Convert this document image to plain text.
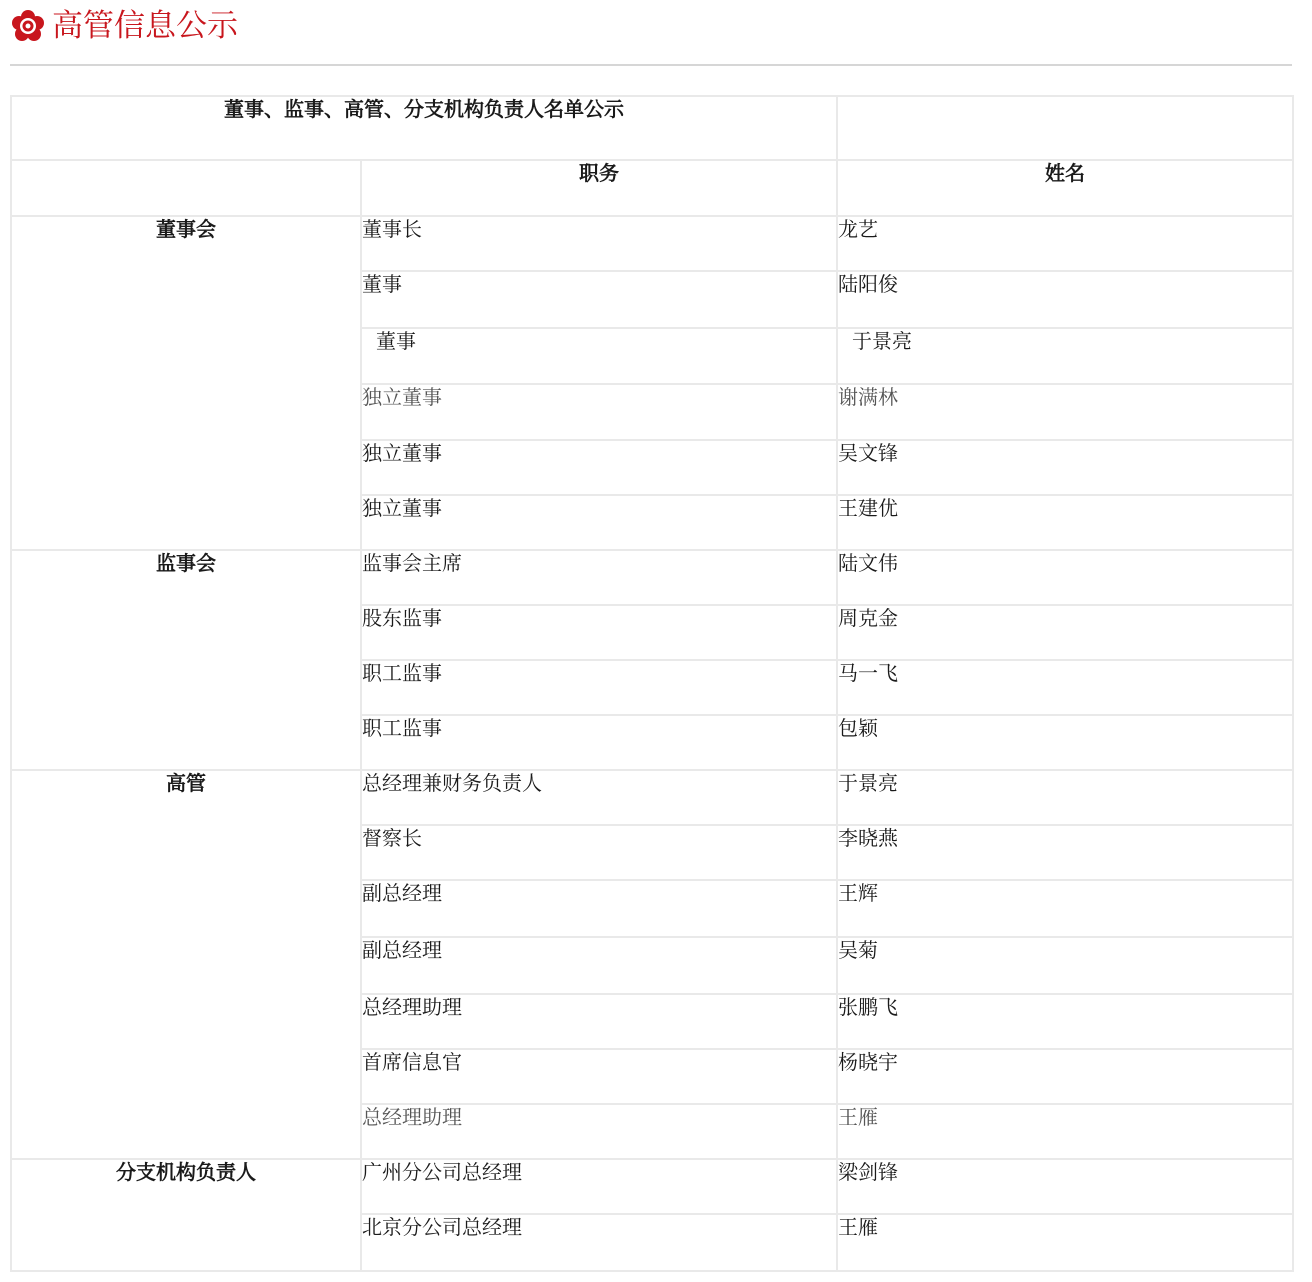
高管信息公示
董事、监事、高管、分支机构负责人名单公示		
	职务	姓名
董事会	董事长	龙艺
	董事	陆阳俊
	董事	于景亮
	独立董事	谢满林
	独立董事	吴文锋
	独立董事	王建优
监事会	监事会主席	陆文伟
	股东监事	周克金
	职工监事	马一飞
	职工监事	包颖
高管	总经理兼财务负责人	于景亮
	督察长	李晓燕
	副总经理	王辉
	副总经理	吴菊
	总经理助理	张鹏飞
	首席信息官	杨晓宇
	总经理助理	王雁
分支机构负责人	广州分公司总经理	梁剑锋
	北京分公司总经理	王雁
